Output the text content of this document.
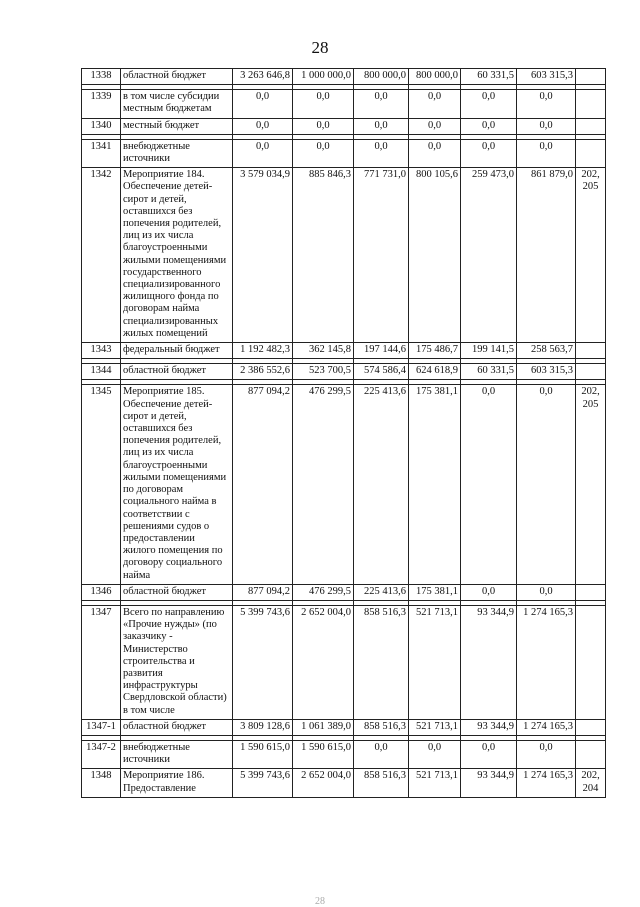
28
1338	областной бюджет	3 263 646,8	1 000 000,0	800 000,0	800 000,0	60 331,5	603 315,3	

1339	в том числе субсидии местным бюджетам	0,0	0,0	0,0	0,0	0,0	0,0	
1340	местный бюджет	0,0	0,0	0,0	0,0	0,0	0,0	

1341	внебюджетные источники	0,0	0,0	0,0	0,0	0,0	0,0	
1342	Мероприятие 184. Обеспечение детей-сирот и детей, оставшихся без попечения родителей, лиц из их числа благоустроенными жилыми помещениями государственного специализированного жилищного фонда по договорам найма специализированных жилых помещений	3 579 034,9	885 846,3	771 731,0	800 105,6	259 473,0	861 879,0	202, 205
1343	федеральный бюджет	1 192 482,3	362 145,8	197 144,6	175 486,7	199 141,5	258 563,7	

1344	областной бюджет	2 386 552,6	523 700,5	574 586,4	624 618,9	60 331,5	603 315,3	

1345	Мероприятие 185. Обеспечение детей-сирот и детей, оставшихся без попечения родителей, лиц из их числа благоустроенными жилыми помещениями по договорам социального найма в соответствии с решениями судов о предоставлении жилого помещения по договору социального найма	877 094,2	476 299,5	225 413,6	175 381,1	0,0	0,0	202, 205
1346	областной бюджет	877 094,2	476 299,5	225 413,6	175 381,1	0,0	0,0	

1347	Всего по направлению «Прочие нужды» (по заказчику - Министерство строительства и развития инфраструктуры Свердловской области) в том числе	5 399 743,6	2 652 004,0	858 516,3	521 713,1	93 344,9	1 274 165,3	
1347-1	областной бюджет	3 809 128,6	1 061 389,0	858 516,3	521 713,1	93 344,9	1 274 165,3	

1347-2	внебюджетные источники	1 590 615,0	1 590 615,0	0,0	0,0	0,0	0,0	
1348	Мероприятие 186. Предоставление	5 399 743,6	2 652 004,0	858 516,3	521 713,1	93 344,9	1 274 165,3	202, 204
28
